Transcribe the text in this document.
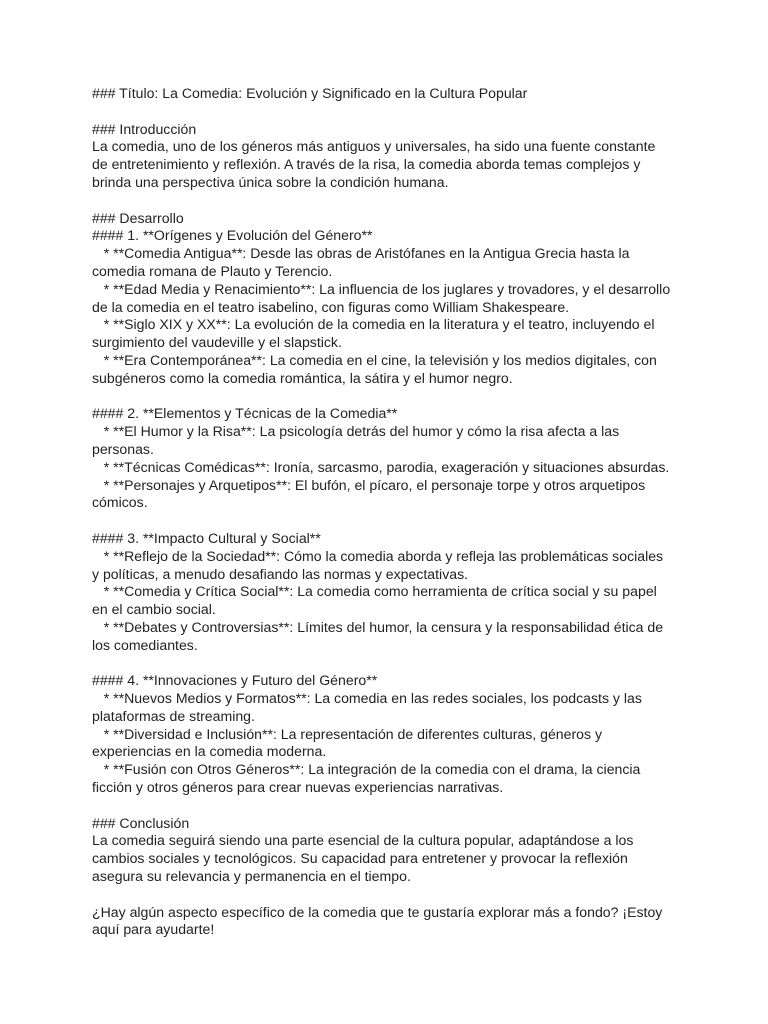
### Título: La Comedia: Evolución y Significado en la Cultura Popular
### Introducción
La comedia, uno de los géneros más antiguos y universales, ha sido una fuente constante
de entretenimiento y reflexión. A través de la risa, la comedia aborda temas complejos y
brinda una perspectiva única sobre la condición humana.
### Desarrollo
#### 1. **Orígenes y Evolución del Género**
* **Comedia Antigua**: Desde las obras de Aristófanes en la Antigua Grecia hasta la
comedia romana de Plauto y Terencio.
* **Edad Media y Renacimiento**: La influencia de los juglares y trovadores, y el desarrollo
de la comedia en el teatro isabelino, con figuras como William Shakespeare.
* **Siglo XIX y XX**: La evolución de la comedia en la literatura y el teatro, incluyendo el
surgimiento del vaudeville y el slapstick.
* **Era Contemporánea**: La comedia en el cine, la televisión y los medios digitales, con
subgéneros como la comedia romántica, la sátira y el humor negro.
#### 2. **Elementos y Técnicas de la Comedia**
* **El Humor y la Risa**: La psicología detrás del humor y cómo la risa afecta a las
personas.
* **Técnicas Comédicas**: Ironía, sarcasmo, parodia, exageración y situaciones absurdas.
* **Personajes y Arquetipos**: El bufón, el pícaro, el personaje torpe y otros arquetipos
cómicos.
#### 3. **Impacto Cultural y Social**
* **Reflejo de la Sociedad**: Cómo la comedia aborda y refleja las problemáticas sociales
y políticas, a menudo desafiando las normas y expectativas.
* **Comedia y Crítica Social**: La comedia como herramienta de crítica social y su papel
en el cambio social.
* **Debates y Controversias**: Límites del humor, la censura y la responsabilidad ética de
los comediantes.
#### 4. **Innovaciones y Futuro del Género**
* **Nuevos Medios y Formatos**: La comedia en las redes sociales, los podcasts y las
plataformas de streaming.
* **Diversidad e Inclusión**: La representación de diferentes culturas, géneros y
experiencias en la comedia moderna.
* **Fusión con Otros Géneros**: La integración de la comedia con el drama, la ciencia
ficción y otros géneros para crear nuevas experiencias narrativas.
### Conclusión
La comedia seguirá siendo una parte esencial de la cultura popular, adaptándose a los
cambios sociales y tecnológicos. Su capacidad para entretener y provocar la reflexión
asegura su relevancia y permanencia en el tiempo.
¿Hay algún aspecto específico de la comedia que te gustaría explorar más a fondo? ¡Estoy
aquí para ayudarte!
